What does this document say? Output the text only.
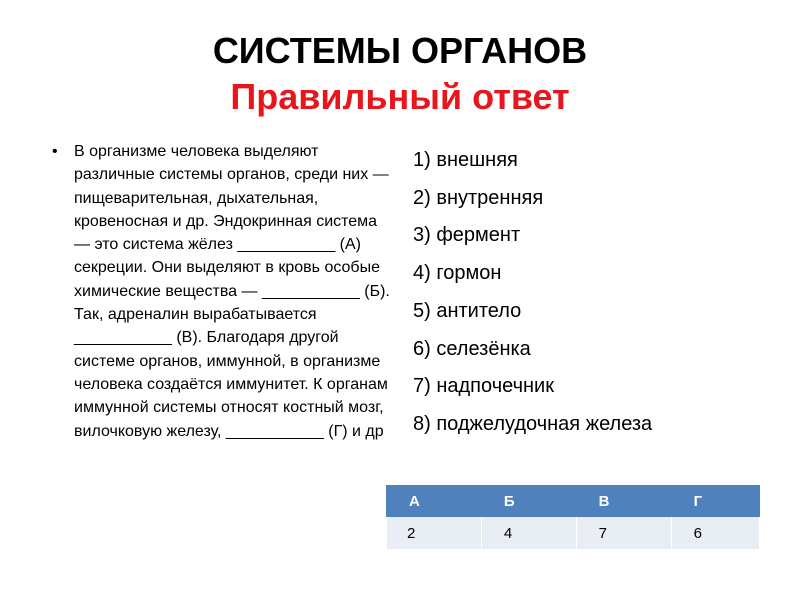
СИСТЕМЫ ОРГАНОВ
Правильный ответ
• В организме человека выделяют различные системы органов, среди них — пищеварительная, дыхательная, кровеносная и др. Эндокринная система — это система жёлез ___________ (А) секреции. Они выделяют в кровь особые химические вещества — ___________ (Б). Так, адреналин вырабатывается ___________ (В). Благодаря другой системе органов, иммунной, в организме человека создаётся иммунитет. К органам иммунной системы относят костный мозг, вилочковую железу, ___________ (Г) и др
1) внешняя
2) внутренняя
3) фермент
4) гормон
5) антитело
6) селезёнка
7) надпочечник
8) поджелудочная железа
А	Б	В	Г
2	4	7	6
